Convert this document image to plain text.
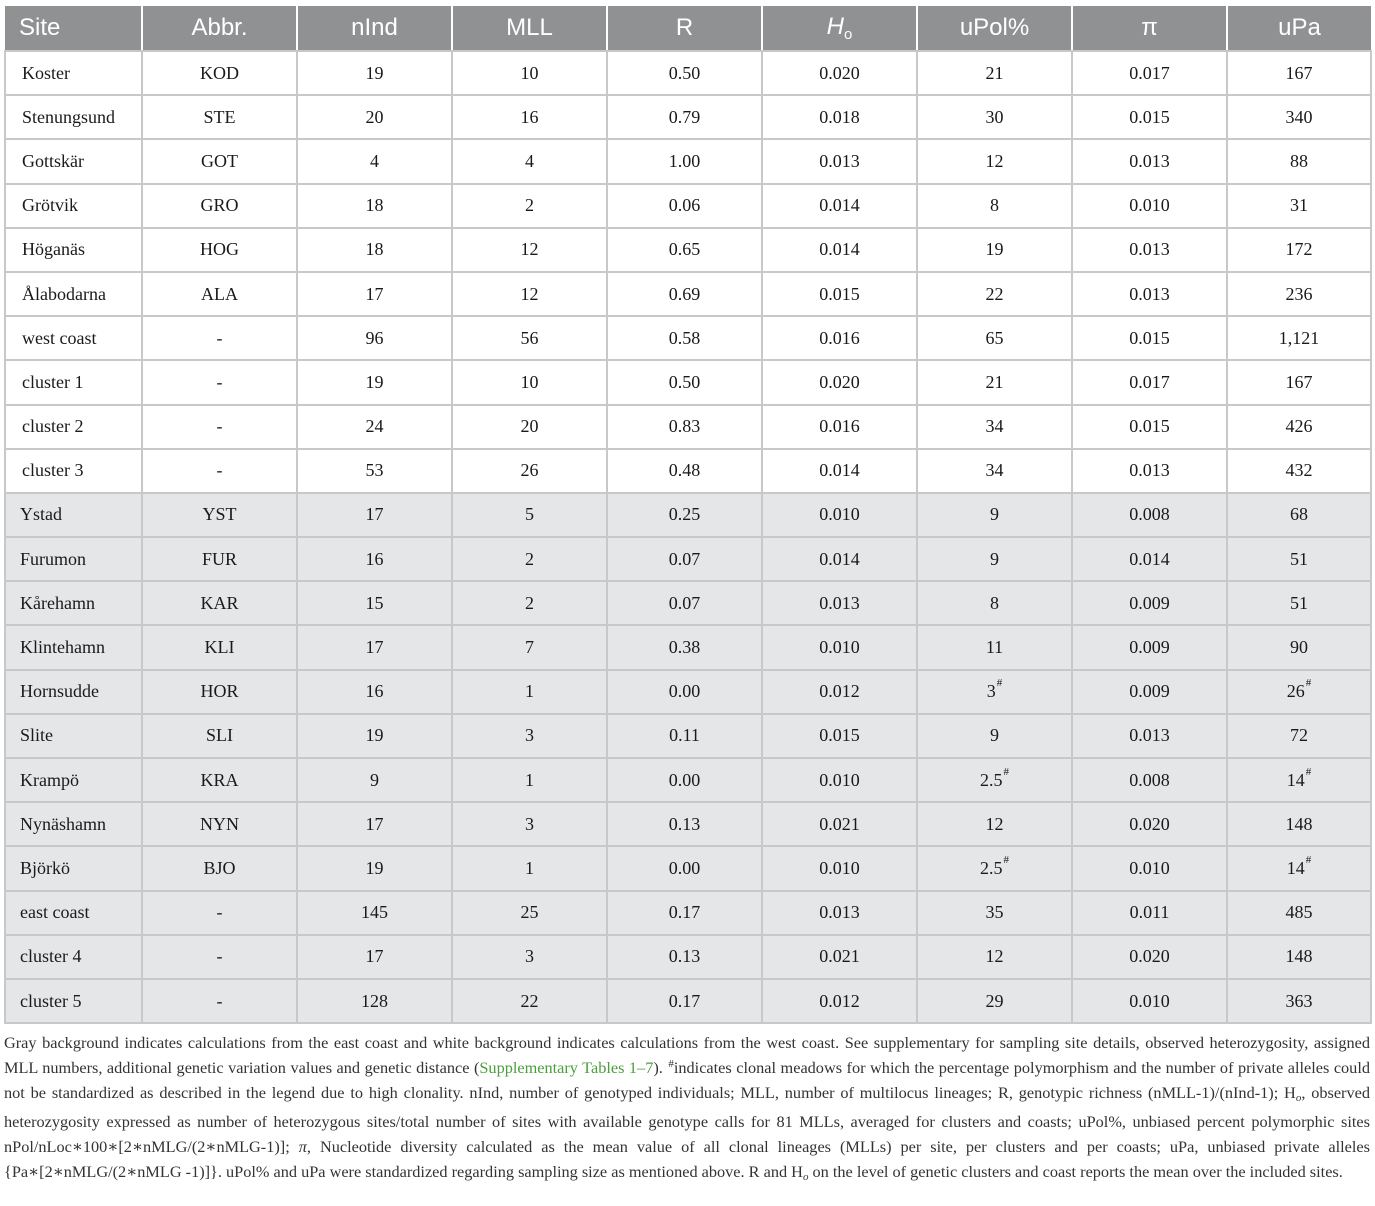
Site	Abbr.	nInd	MLL	R	$H_o$	uPol%	π	uPa
Koster	KOD	19	10	0.50	0.020	21	0.017	167
Stenungsund	STE	20	16	0.79	0.018	30	0.015	340
Gottskär	GOT	4	4	1.00	0.013	12	0.013	88
Grötvik	GRO	18	2	0.06	0.014	8	0.010	31
Höganäs	HOG	18	12	0.65	0.014	19	0.013	172
Ålabodarna	ALA	17	12	0.69	0.015	22	0.013	236
west coast	-	96	56	0.58	0.016	65	0.015	1,121
cluster 1	-	19	10	0.50	0.020	21	0.017	167
cluster 2	-	24	20	0.83	0.016	34	0.015	426
cluster 3	-	53	26	0.48	0.014	34	0.013	432
Ystad	YST	17	5	0.25	0.010	9	0.008	68
Furumon	FUR	16	2	0.07	0.014	9	0.014	51
Kårehamn	KAR	15	2	0.07	0.013	8	0.009	51
Klintehamn	KLI	17	7	0.38	0.010	11	0.009	90
Hornsudde	HOR	16	1	0.00	0.012	3#	0.009	26#
Slite	SLI	19	3	0.11	0.015	9	0.013	72
Krampö	KRA	9	1	0.00	0.010	2.5#	0.008	14#
Nynäshamn	NYN	17	3	0.13	0.021	12	0.020	148
Björkö	BJO	19	1	0.00	0.010	2.5#	0.010	14#
east coast	-	145	25	0.17	0.013	35	0.011	485
cluster 4	-	17	3	0.13	0.021	12	0.020	148
cluster 5	-	128	22	0.17	0.012	29	0.010	363
Gray background indicates calculations from the east coast and white background indicates calculations from the west coast. See supplementary for sampling site details, observed heterozygosity, assigned MLL numbers, additional genetic variation values and genetic distance (Supplementary Tables 1–7). #indicates clonal meadows for which the percentage polymorphism and the number of private alleles could not be standardized as described in the legend due to high clonality. nInd, number of genotyped individuals; MLL, number of multilocus lineages; R, genotypic richness (nMLL-1)/(nInd-1); $H_o$, observed heterozygosity expressed as number of heterozygous sites/total number of sites with available genotype calls for 81 MLLs, averaged for clusters and coasts; uPol%, unbiased percent polymorphic sites nPol/nLoc∗100∗[2∗nMLG/(2∗nMLG-1)]; π, Nucleotide diversity calculated as the mean value of all clonal lineages (MLLs) per site, per clusters and per coasts; uPa, unbiased private alleles {Pa∗[2∗nMLG/(2∗nMLG -1)]}. uPol% and uPa were standardized regarding sampling size as mentioned above. R and $H_o$ on the level of genetic clusters and coast reports the mean over the included sites.
